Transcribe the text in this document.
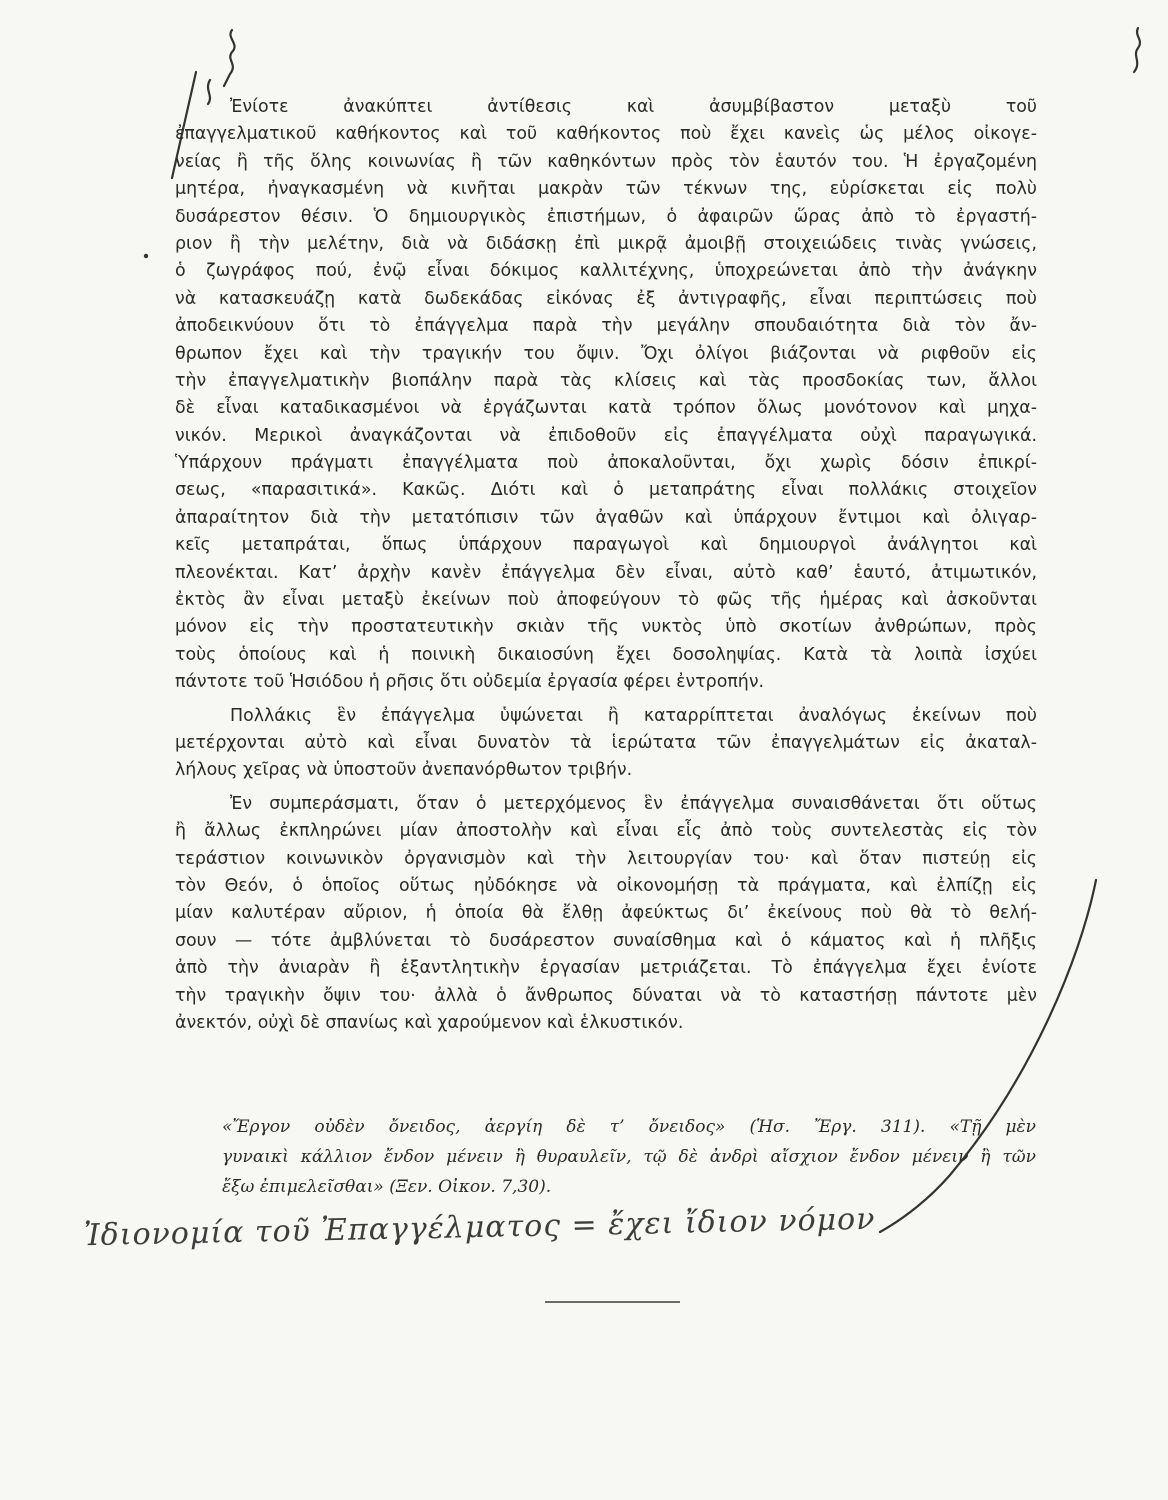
Ἐνίοτε ἀνακύπτει ἀντίθεσις καὶ ἀσυμβίβαστον μεταξὺ τοῦ
ἐπαγγελματικοῦ καθήκοντος καὶ τοῦ καθήκοντος ποὺ ἔχει κανεὶς ὡς μέλος οἰκογε-
νείας ἢ τῆς ὅλης κοινωνίας ἢ τῶν καθηκόντων πρὸς τὸν ἑαυτόν του. Ἡ ἐργαζομένη
μητέρα, ἠναγκασμένη νὰ κινῆται μακρὰν τῶν τέκνων της, εὑρίσκεται εἰς πολὺ
δυσάρεστον θέσιν. Ὁ δημιουργικὸς ἐπιστήμων, ὁ ἀφαιρῶν ὥρας ἀπὸ τὸ ἐργαστή-
ριον ἢ τὴν μελέτην, διὰ νὰ διδάσκῃ ἐπὶ μικρᾷ ἀμοιβῇ στοιχειώδεις τινὰς γνώσεις,
ὁ ζωγράφος πού, ἐνῷ εἶναι δόκιμος καλλιτέχνης, ὑποχρεώνεται ἀπὸ τὴν ἀνάγκην
νὰ κατασκευάζῃ κατὰ δωδεκάδας εἰκόνας ἐξ ἀντιγραφῆς, εἶναι περιπτώσεις ποὺ
ἀποδεικνύουν ὅτι τὸ ἐπάγγελμα παρὰ τὴν μεγάλην σπουδαιότητα διὰ τὸν ἄν-
θρωπον ἔχει καὶ τὴν τραγικήν του ὄψιν. Ὄχι ὀλίγοι βιάζονται νὰ ριφθοῦν εἰς
τὴν ἐπαγγελματικὴν βιοπάλην παρὰ τὰς κλίσεις καὶ τὰς προσδοκίας των, ἄλλοι
δὲ εἶναι καταδικασμένοι νὰ ἐργάζωνται κατὰ τρόπον ὅλως μονότονον καὶ μηχα-
νικόν. Μερικοὶ ἀναγκάζονται νὰ ἐπιδοθοῦν εἰς ἐπαγγέλματα οὐχὶ παραγωγικά.
Ὑπάρχουν πράγματι ἐπαγγέλματα ποὺ ἀποκαλοῦνται, ὄχι χωρὶς δόσιν ἐπικρί-
σεως, «παρασιτικά». Κακῶς. Διότι καὶ ὁ μεταπράτης εἶναι πολλάκις στοιχεῖον
ἀπαραίτητον διὰ τὴν μετατόπισιν τῶν ἀγαθῶν καὶ ὑπάρχουν ἔντιμοι καὶ ὀλιγαρ-
κεῖς μεταπράται, ὅπως ὑπάρχουν παραγωγοὶ καὶ δημιουργοὶ ἀνάλγητοι καὶ
πλεονέκται. Κατ’ ἀρχὴν κανὲν ἐπάγγελμα δὲν εἶναι, αὐτὸ καθ’ ἑαυτό, ἀτιμωτικόν,
ἐκτὸς ἂν εἶναι μεταξὺ ἐκείνων ποὺ ἀποφεύγουν τὸ φῶς τῆς ἡμέρας καὶ ἀσκοῦνται
μόνον εἰς τὴν προστατευτικὴν σκιὰν τῆς νυκτὸς ὑπὸ σκοτίων ἀνθρώπων, πρὸς
τοὺς ὁποίους καὶ ἡ ποινικὴ δικαιοσύνη ἔχει δοσοληψίας. Κατὰ τὰ λοιπὰ ἰσχύει
πάντοτε τοῦ Ἡσιόδου ἡ ρῆσις ὅτι οὐδεμία ἐργασία φέρει ἐντροπήν.
Πολλάκις ἓν ἐπάγγελμα ὑψώνεται ἢ καταρρίπτεται ἀναλόγως ἐκείνων ποὺ
μετέρχονται αὐτὸ καὶ εἶναι δυνατὸν τὰ ἱερώτατα τῶν ἐπαγγελμάτων εἰς ἀκαταλ-
λήλους χεῖρας νὰ ὑποστοῦν ἀνεπανόρθωτον τριβήν.
Ἐν συμπεράσματι, ὅταν ὁ μετερχόμενος ἓν ἐπάγγελμα συναισθάνεται ὅτι οὕτως
ἢ ἄλλως ἐκπληρώνει μίαν ἀποστολὴν καὶ εἶναι εἷς ἀπὸ τοὺς συντελεστὰς εἰς τὸν
τεράστιον κοινωνικὸν ὀργανισμὸν καὶ τὴν λειτουργίαν του· καὶ ὅταν πιστεύῃ εἰς
τὸν Θεόν, ὁ ὁποῖος οὕτως ηὐδόκησε νὰ οἰκονομήσῃ τὰ πράγματα, καὶ ἐλπίζῃ εἰς
μίαν καλυτέραν αὔριον, ἡ ὁποία θὰ ἔλθῃ ἀφεύκτως δι’ ἐκείνους ποὺ θὰ τὸ θελή-
σουν — τότε ἀμβλύνεται τὸ δυσάρεστον συναίσθημα καὶ ὁ κάματος καὶ ἡ πλῆξις
ἀπὸ τὴν ἀνιαρὰν ἢ ἐξαντλητικὴν ἐργασίαν μετριάζεται. Τὸ ἐπάγγελμα ἔχει ἐνίοτε
τὴν τραγικὴν ὄψιν του· ἀλλὰ ὁ ἄνθρωπος δύναται νὰ τὸ καταστήσῃ πάντοτε μὲν
ἀνεκτόν, οὐχὶ δὲ σπανίως καὶ χαρούμενον καὶ ἑλκυστικόν.
«Ἔργον οὐδὲν ὄνειδος, ἀεργίη δὲ τ’ ὄνειδος» (Ἡσ. Ἔργ. 311). «Τῇ μὲν
γυναικὶ κάλλιον ἔνδον μένειν ἢ θυραυλεῖν, τῷ δὲ ἀνδρὶ αἴσχιον ἔνδον μένειν ἢ τῶν
ἔξω ἐπιμελεῖσθαι» (Ξεν. Οἰκον. 7,30).
Ἰδιονομία τοῦ Ἐπαγγέλματος = ἔχει ἴδιον νόμον
